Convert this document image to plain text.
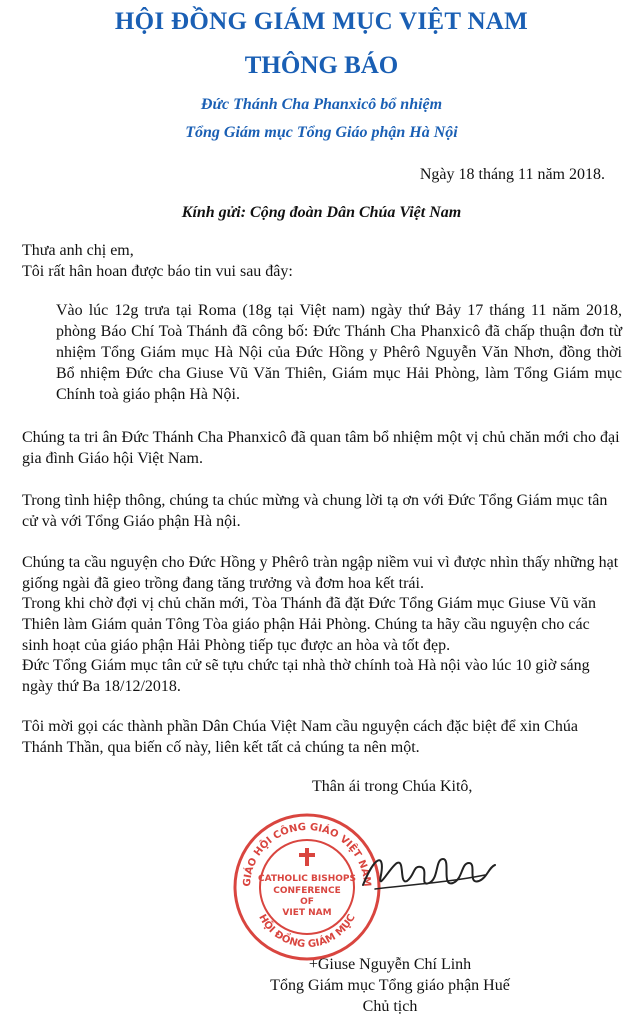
HỘI ĐỒNG GIÁM MỤC VIỆT NAM
THÔNG BÁO
Đức Thánh Cha Phanxicô bổ nhiệm
Tổng Giám mục Tổng Giáo phận Hà Nội
Ngày 18 tháng 11 năm 2018.
Kính gửi: Cộng đoàn Dân Chúa Việt Nam
Thưa anh chị em,
Tôi rất hân hoan được báo tin vui sau đây:
Vào lúc 12g trưa tại Roma (18g tại Việt nam) ngày thứ Bảy 17 tháng 11 năm 2018, phòng Báo Chí Toà Thánh đã công bố: Đức Thánh Cha Phanxicô đã chấp thuận đơn từ nhiệm Tổng Giám mục Hà Nội của Đức Hồng y Phêrô Nguyễn Văn Nhơn, đồng thời Bổ nhiệm Đức cha Giuse Vũ Văn Thiên, Giám mục Hải Phòng, làm Tổng Giám mục Chính toà giáo phận Hà Nội.
Chúng ta tri ân Đức Thánh Cha Phanxicô đã quan tâm bổ nhiệm một vị chủ chăn mới cho đại gia đình Giáo hội Việt Nam.
Trong tình hiệp thông, chúng ta chúc mừng và chung lời tạ ơn với Đức Tổng Giám mục tân cử và với Tổng Giáo phận Hà nội.
Chúng ta cầu nguyện cho Đức Hồng y Phêrô tràn ngập niềm vui vì được nhìn thấy những hạt giống ngài đã gieo trồng đang tăng trưởng và đơm hoa kết trái.
Trong khi chờ đợi vị chủ chăn mới, Tòa Thánh đã đặt Đức Tổng Giám mục Giuse Vũ văn Thiên làm Giám quản Tông Tòa giáo phận Hải Phòng. Chúng ta hãy cầu nguyện cho các sinh hoạt của giáo phận Hải Phòng tiếp tục được an hòa và tốt đẹp.
Đức Tổng Giám mục tân cử sẽ tựu chức tại nhà thờ chính toà Hà nội vào lúc 10 giờ sáng ngày thứ Ba 18/12/2018.
Tôi mời gọi các thành phần Dân Chúa Việt Nam cầu nguyện cách đặc biệt để xin Chúa Thánh Thần, qua biến cố này, liên kết tất cả chúng ta nên một.
Thân ái trong Chúa Kitô,
GIÁO HỘI CÔNG GIÁO VIỆT NAM
HỘI ĐỒNG GIÁM MỤC
CATHOLIC BISHOPS
CONFERENCE
OF
VIET NAM
+Giuse Nguyễn Chí Linh
Tổng Giám mục Tổng giáo phận Huế
Chủ tịch
